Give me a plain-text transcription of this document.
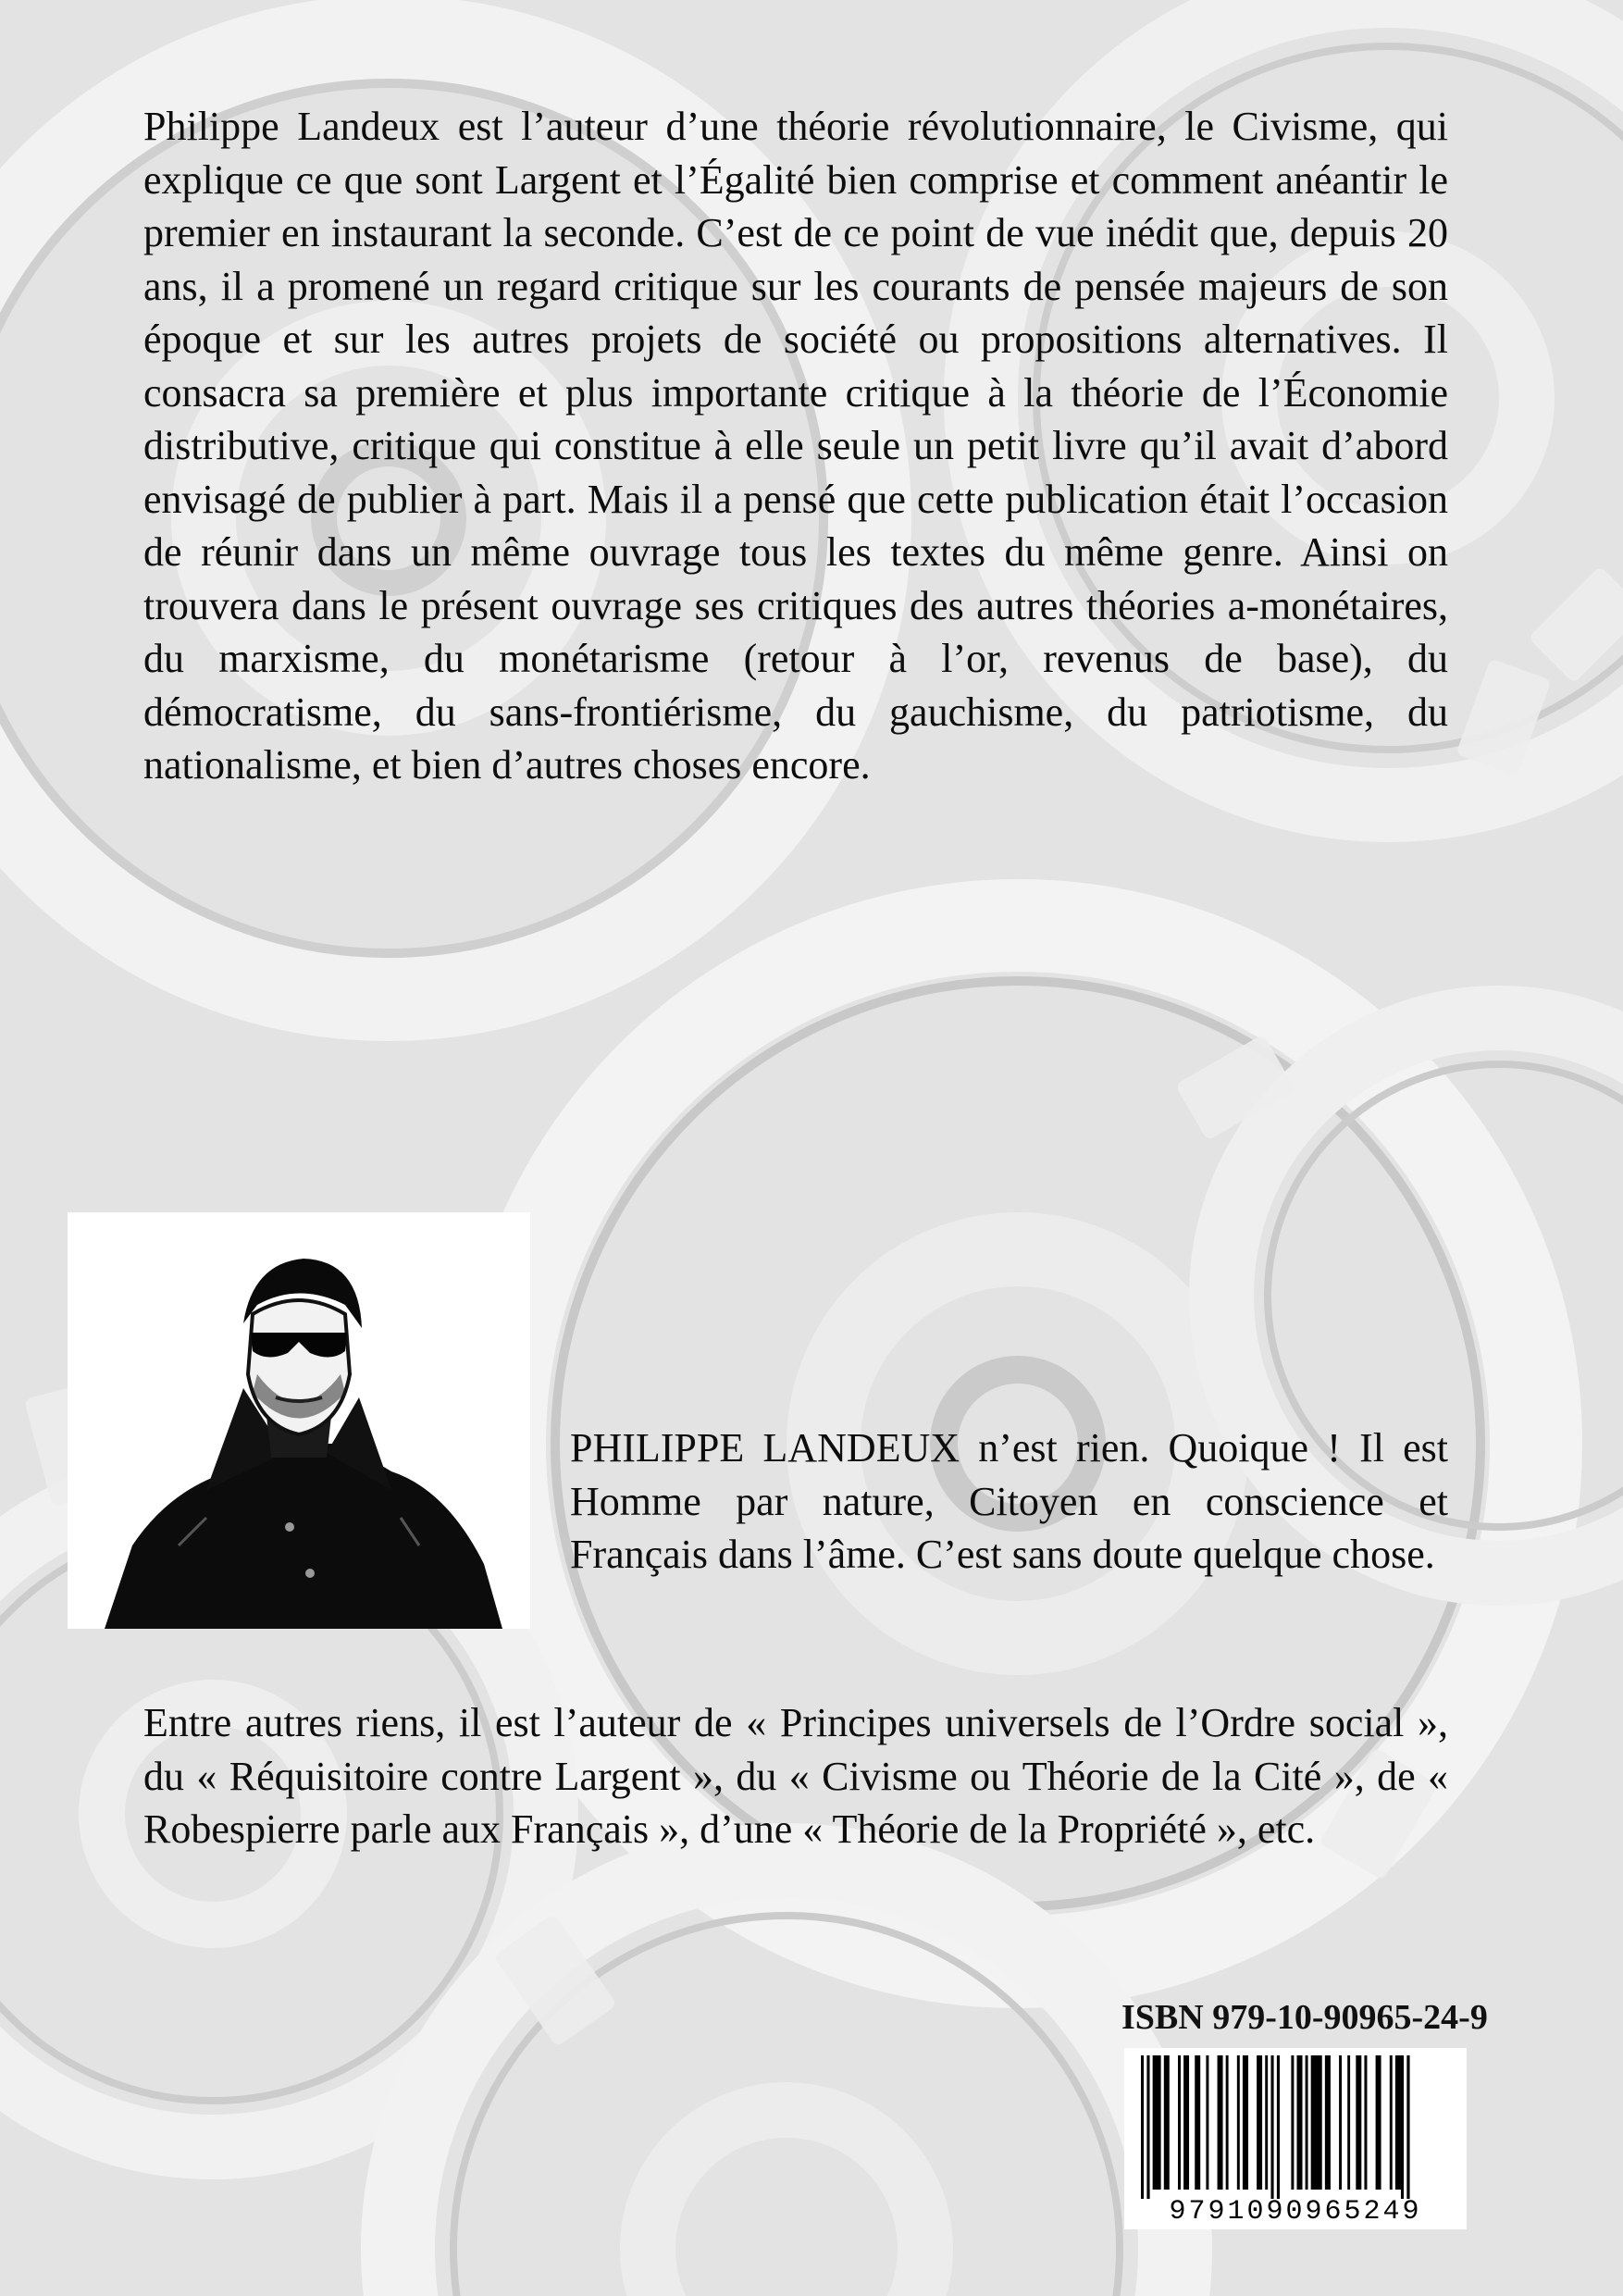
Philippe Landeux est l’auteur d’une théorie révolutionnaire, le Civisme, qui explique ce que sont Largent et l’Égalité bien comprise et comment anéantir le premier en instaurant la seconde. C’est de ce point de vue inédit que, depuis 20 ans, il a promené un regard critique sur les courants de pensée majeurs de son époque et sur les autres projets de société ou propositions alternatives. Il consacra sa première et plus importante critique à la théorie de l’Économie distributive, critique qui constitue à elle seule un petit livre qu’il avait d’abord envisagé de publier à part. Mais il a pensé que cette publication était l’occasion de réunir dans un même ouvrage tous les textes du même genre. Ainsi on trouvera dans le présent ouvrage ses critiques des autres théories a-monétaires, du marxisme, du monétarisme (retour à l’or, revenus de base), du démocratisme, du sans-frontiérisme, du gauchisme, du patriotisme, du nationalisme, et bien d’autres choses encore.

PHILIPPE LANDEUX n’est rien. Quoique ! Il est Homme par nature, Citoyen en conscience et Français dans l’âme. C’est sans doute quelque chose.

Entre autres riens, il est l’auteur de « Principes universels de l’Ordre social », du « Réquisitoire contre Largent », du « Civisme ou Théorie de la Cité », de « Robespierre parle aux Français », d’une « Théorie de la Propriété », etc.

ISBN 979-10-90965-24-9

9791090965249
